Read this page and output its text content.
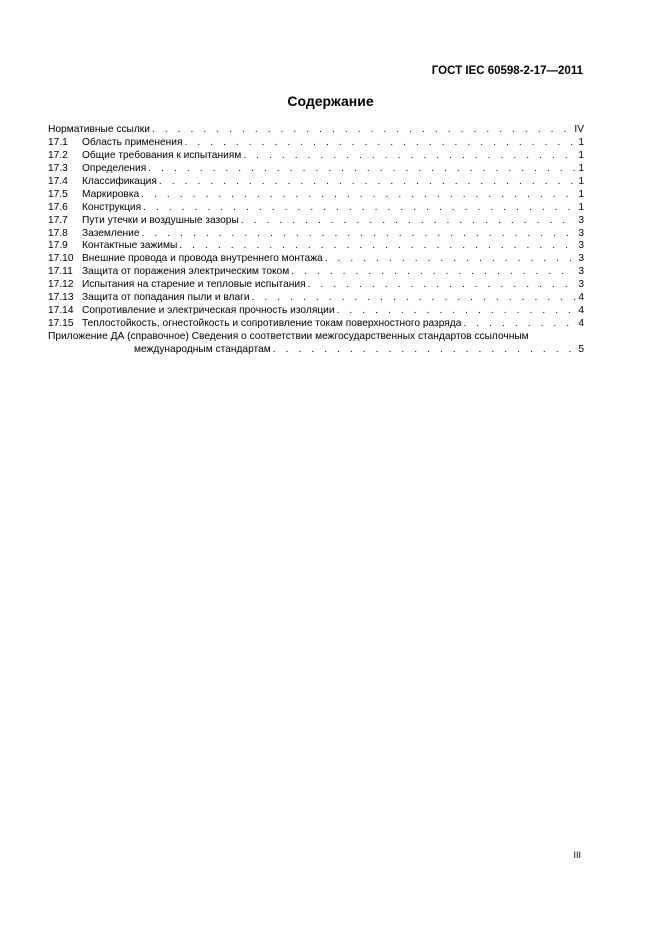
ГОСТ IEC 60598-2-17—2011
Содержание
Нормативные ссылки . . .	IV
17.1	Область применения . . .	1
17.2	Общие требования к испытаниям . . .	1
17.3	Определения . . .	1
17.4	Классификация . . .	1
17.5	Маркировка . . .	1
17.6	Конструкция . . .	1
17.7	Пути утечки и воздушные зазоры . . .	3
17.8	Заземление . . .	3
17.9	Контактные зажимы . . .	3
17.10 Внешние провода и провода внутреннего монтажа . . .	3
17.11 Защита от поражения электрическим током . . .	3
17.12 Испытания на старение и тепловые испытания . . .	3
17.13 Защита от попадания пыли и влаги . . .	4
17.14 Сопротивление и электрическая прочность изоляции . . .	4
17.15 Теплостойкость, огнестойкость и сопротивление токам поверхностного разряда . . .	4
Приложение ДА (справочное) Сведения о соответствии межгосударственных стандартов ссылочным
международным стандартам . . .	5
III
